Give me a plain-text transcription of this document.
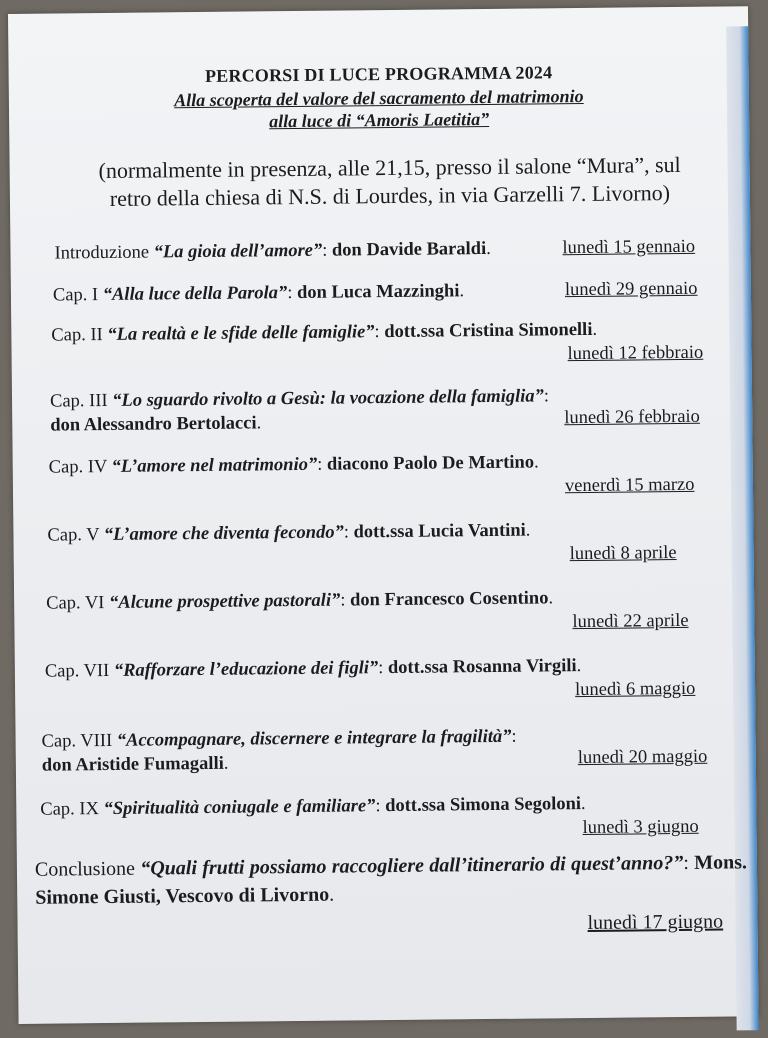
PERCORSI DI LUCE PROGRAMMA 2024
Alla scoperta del valore del sacramento del matrimonio
alla luce di “Amoris Laetitia”
(normalmente in presenza, alle 21,15, presso il salone “Mura”, sul
retro della chiesa di N.S. di Lourdes, in via Garzelli 7. Livorno)
Introduzione “La gioia dell’amore”: don Davide Baraldi.	lunedì 15 gennaio
Cap. I “Alla luce della Parola”: don Luca Mazzinghi.	lunedì 29 gennaio
Cap. II “La realtà e le sfide delle famiglie”: dott.ssa Cristina Simonelli.
lunedì 12 febbraio
Cap. III “Lo sguardo rivolto a Gesù: la vocazione della famiglia”:
don Alessandro Bertolacci.	lunedì 26 febbraio
Cap. IV “L’amore nel matrimonio”: diacono Paolo De Martino.
venerdì 15 marzo
Cap. V “L’amore che diventa fecondo”: dott.ssa Lucia Vantini.
lunedì 8 aprile
Cap. VI “Alcune prospettive pastorali”: don Francesco Cosentino.
lunedì 22 aprile
Cap. VII “Rafforzare l’educazione dei figli”: dott.ssa Rosanna Virgili.
lunedì 6 maggio
Cap. VIII “Accompagnare, discernere e integrare la fragilità”:
don Aristide Fumagalli.	lunedì 20 maggio
Cap. IX “Spiritualità coniugale e familiare”: dott.ssa Simona Segoloni.
lunedì 3 giugno
Conclusione “Quali frutti possiamo raccogliere dall’itinerario di quest’anno?”: Mons. Simone Giusti, Vescovo di Livorno.
lunedì 17 giugno
